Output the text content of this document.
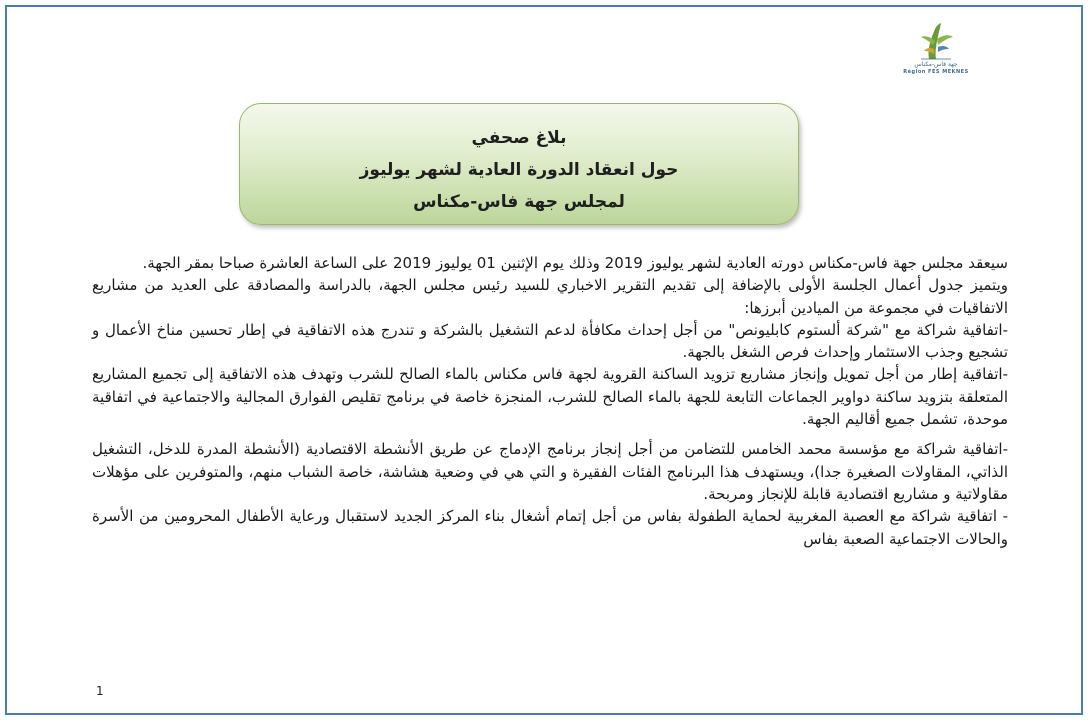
جهة فاس-مكناس
Région FES MEKNES
بلاغ صحفي
حول انعقاد الدورة العادية لشهر يوليوز
لمجلس جهة فاس-مكناس

سيعقد مجلس جهة فاس-مكناس دورته العادية لشهر يوليوز 2019 وذلك يوم الإثنين 01 يوليوز 2019 على الساعة العاشرة صباحا بمقر الجهة.

ويتميز جدول أعمال الجلسة الأولى بالإضافة إلى تقديم التقرير الاخباري للسيد رئيس مجلس الجهة، بالدراسة والمصادقة على العديد من مشاريع الاتفاقيات في مجموعة من الميادين أبرزها:

-اتفاقية شراكة مع "شركة ألستوم كابليونص" من أجل إحداث مكافأة لدعم التشغيل بالشركة و تندرج هذه الاتفاقية في إطار تحسين مناخ الأعمال و تشجيع وجذب الاستثمار وإحداث فرص الشغل بالجهة.

-اتفاقية إطار من أجل تمويل وإنجاز مشاريع تزويد الساكنة القروية لجهة فاس مكناس بالماء الصالح للشرب وتهدف هذه الاتفاقية إلى تجميع المشاريع المتعلقة بتزويد ساكنة دواوير الجماعات التابعة للجهة بالماء الصالح للشرب، المنجزة خاصة في برنامج تقليص الفوارق المجالية والاجتماعية في اتفاقية موحدة، تشمل جميع أقاليم الجهة.

-اتفاقية شراكة مع مؤسسة محمد الخامس للتضامن من أجل إنجاز برنامج الإدماج عن طريق الأنشطة الاقتصادية (الأنشطة المدرة للدخل، التشغيل الذاتي، المقاولات الصغيرة جدا)، ويستهدف هذا البرنامج الفئات الفقيرة و التي هي في وضعية هشاشة، خاصة الشباب منهم، والمتوفرين على مؤهلات مقاولاتية و مشاريع اقتصادية قابلة للإنجاز ومربحة.

- اتفاقية شراكة مع العصبة المغربية لحماية الطفولة بفاس من أجل إتمام أشغال بناء المركز الجديد لاستقبال ورعاية الأطفال المحرومين من الأسرة والحالات الاجتماعية الصعبة بفاس

1
